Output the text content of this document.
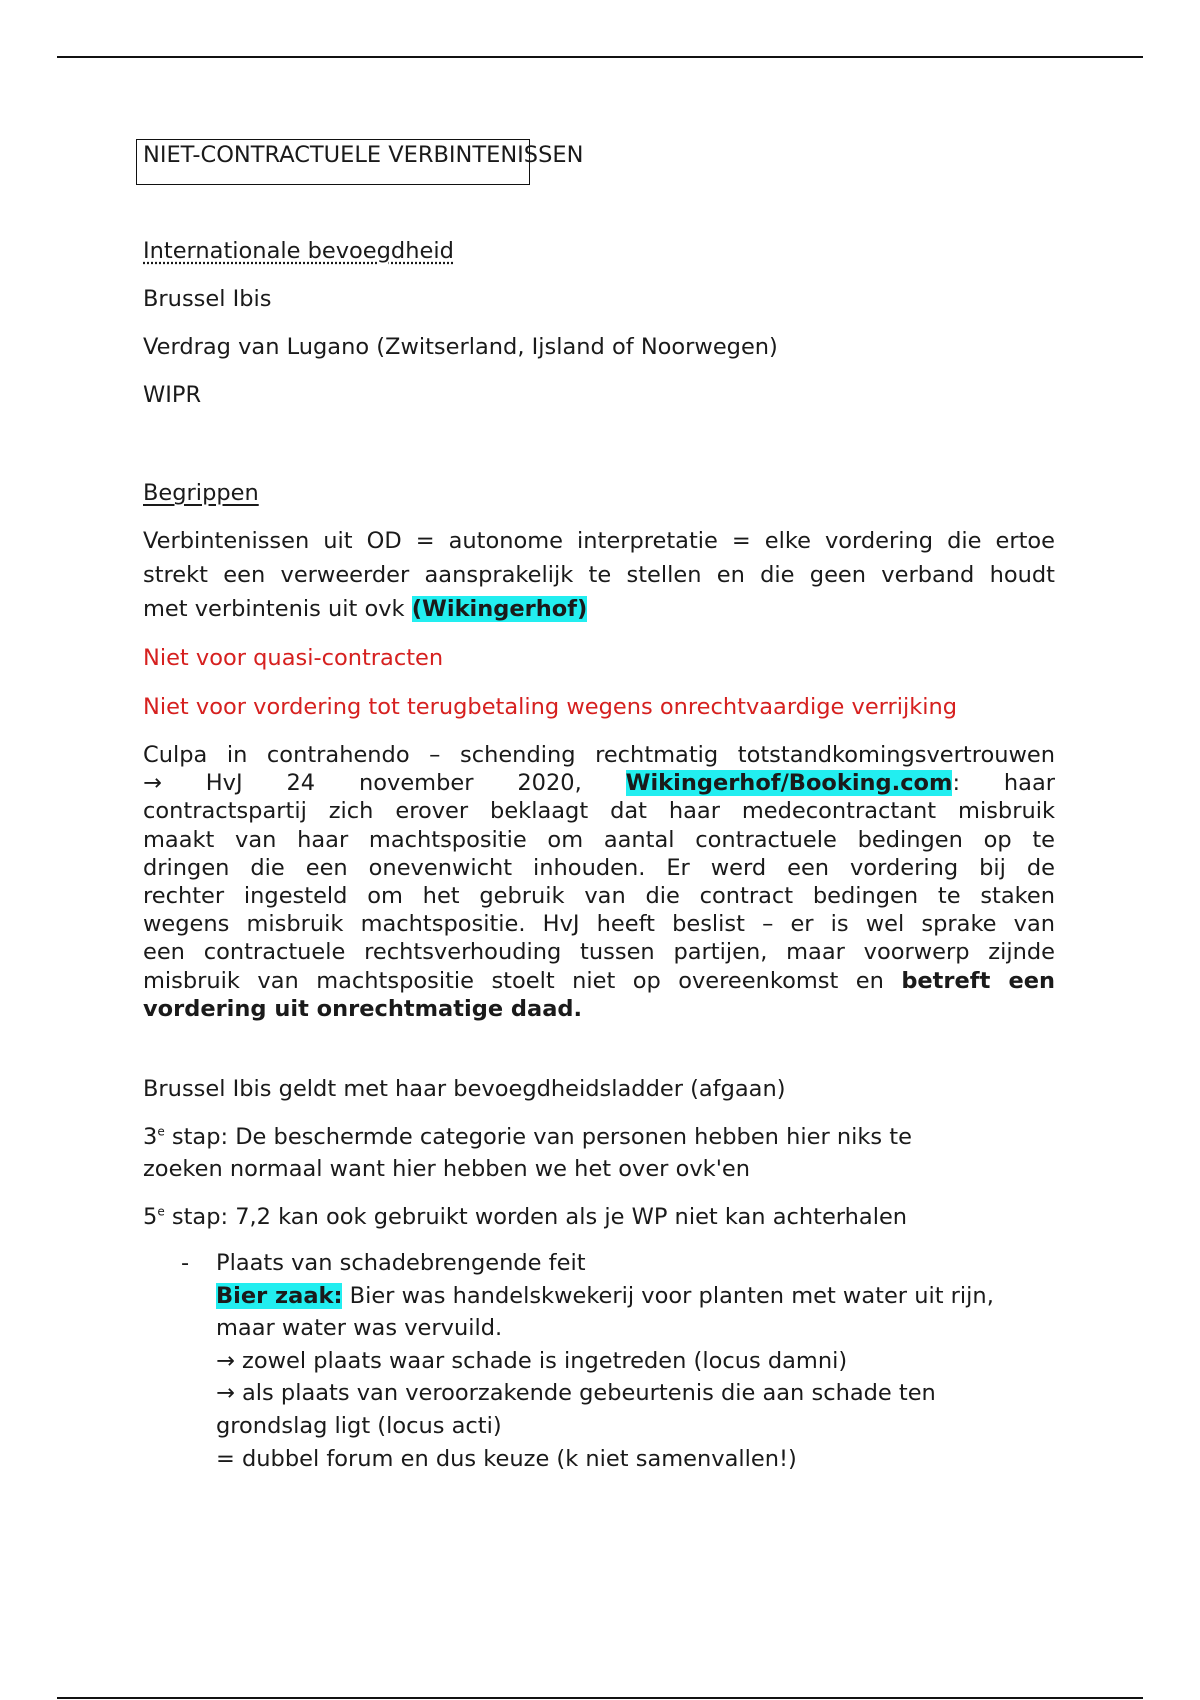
NIET-CONTRACTUELE VERBINTENISSEN
Internationale bevoegdheid
Brussel Ibis
Verdrag van Lugano (Zwitserland, Ijsland of Noorwegen)
WIPR
Begrippen
Verbintenissen uit OD = autonome interpretatie = elke vordering die ertoe
strekt een verweerder aansprakelijk te stellen en die geen verband houdt
met verbintenis uit ovk (Wikingerhof)
Niet voor quasi-contracten
Niet voor vordering tot terugbetaling wegens onrechtvaardige verrijking
Culpa in contrahendo – schending rechtmatig totstandkomingsvertrouwen
→ HvJ 24 november 2020, Wikingerhof/Booking.com: haar
contractspartij zich erover beklaagt dat haar medecontractant misbruik
maakt van haar machtspositie om aantal contractuele bedingen op te
dringen die een onevenwicht inhouden. Er werd een vordering bij de
rechter ingesteld om het gebruik van die contract bedingen te staken
wegens misbruik machtspositie. HvJ heeft beslist – er is wel sprake van
een contractuele rechtsverhouding tussen partijen, maar voorwerp zijnde
misbruik van machtspositie stoelt niet op overeenkomst en betreft een
vordering uit onrechtmatige daad.
Brussel Ibis geldt met haar bevoegdheidsladder (afgaan)
3e stap: De beschermde categorie van personen hebben hier niks te
zoeken normaal want hier hebben we het over ovk'en
5e stap: 7,2 kan ook gebruikt worden als je WP niet kan achterhalen
- Plaats van schadebrengende feit
Bier zaak: Bier was handelskwekerij voor planten met water uit rijn,
maar water was vervuild.
→ zowel plaats waar schade is ingetreden (locus damni)
→ als plaats van veroorzakende gebeurtenis die aan schade ten
grondslag ligt (locus acti)
= dubbel forum en dus keuze (k niet samenvallen!)
